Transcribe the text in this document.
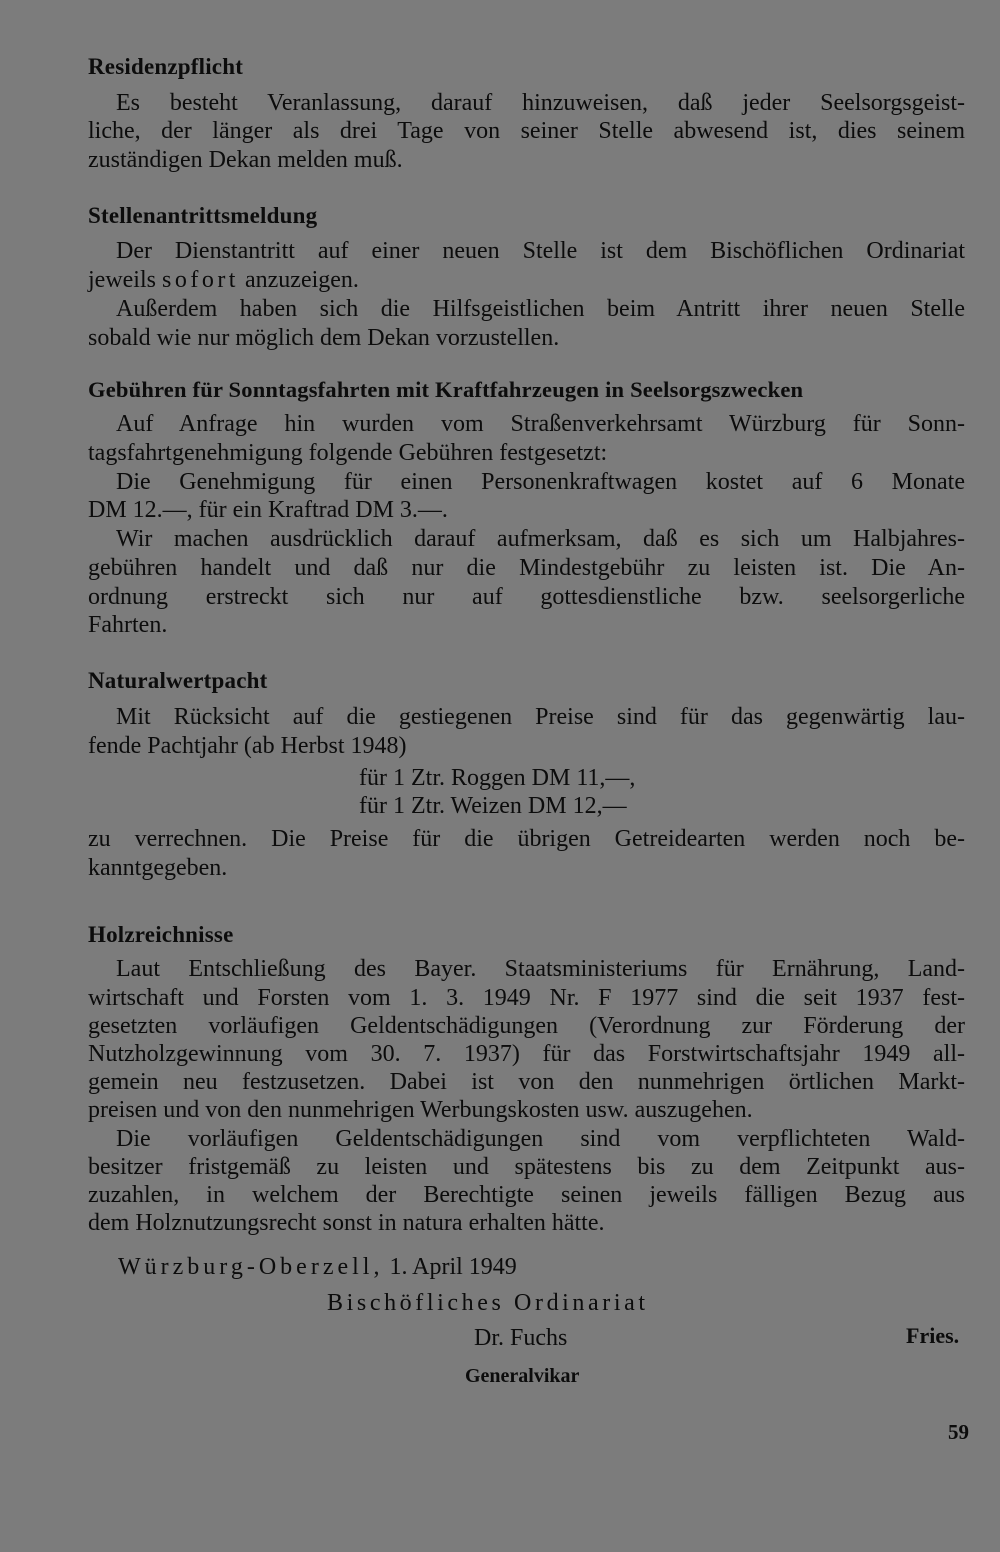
Residenzpflicht
Es besteht Veranlassung, darauf hinzuweisen, daß jeder Seelsorgsgeist-
liche, der länger als drei Tage von seiner Stelle abwesend ist, dies seinem
zuständigen Dekan melden muß.
Stellenantrittsmeldung
Der Dienstantritt auf einer neuen Stelle ist dem Bischöflichen Ordinariat
jeweils sofort anzuzeigen.
Außerdem haben sich die Hilfsgeistlichen beim Antritt ihrer neuen Stelle
sobald wie nur möglich dem Dekan vorzustellen.
Gebühren für Sonntagsfahrten mit Kraftfahrzeugen in Seelsorgszwecken
Auf Anfrage hin wurden vom Straßenverkehrsamt Würzburg für Sonn-
tagsfahrtgenehmigung folgende Gebühren festgesetzt:
Die Genehmigung für einen Personenkraftwagen kostet auf 6 Monate
DM 12.—, für ein Kraftrad DM 3.—.
Wir machen ausdrücklich darauf aufmerksam, daß es sich um Halbjahres-
gebühren handelt und daß nur die Mindestgebühr zu leisten ist. Die An-
ordnung erstreckt sich nur auf gottesdienstliche bzw. seelsorgerliche
Fahrten.
Naturalwertpacht
Mit Rücksicht auf die gestiegenen Preise sind für das gegenwärtig lau-
fende Pachtjahr (ab Herbst 1948)
für 1 Ztr. Roggen DM 11,—,
für 1 Ztr. Weizen DM 12,—
zu verrechnen. Die Preise für die übrigen Getreidearten werden noch be-
kanntgegeben.
Holzreichnisse
Laut Entschließung des Bayer. Staatsministeriums für Ernährung, Land-
wirtschaft und Forsten vom 1. 3. 1949 Nr. F 1977 sind die seit 1937 fest-
gesetzten vorläufigen Geldentschädigungen (Verordnung zur Förderung der
Nutzholzgewinnung vom 30. 7. 1937) für das Forstwirtschaftsjahr 1949 all-
gemein neu festzusetzen. Dabei ist von den nunmehrigen örtlichen Markt-
preisen und von den nunmehrigen Werbungskosten usw. auszugehen.
Die vorläufigen Geldentschädigungen sind vom verpflichteten Wald-
besitzer fristgemäß zu leisten und spätestens bis zu dem Zeitpunkt aus-
zuzahlen, in welchem der Berechtigte seinen jeweils fälligen Bezug aus
dem Holznutzungsrecht sonst in natura erhalten hätte.
Würzburg-Oberzell, 1. April 1949
Bischöfliches Ordinariat
Dr. Fuchs	Fries.
Generalvikar
59
